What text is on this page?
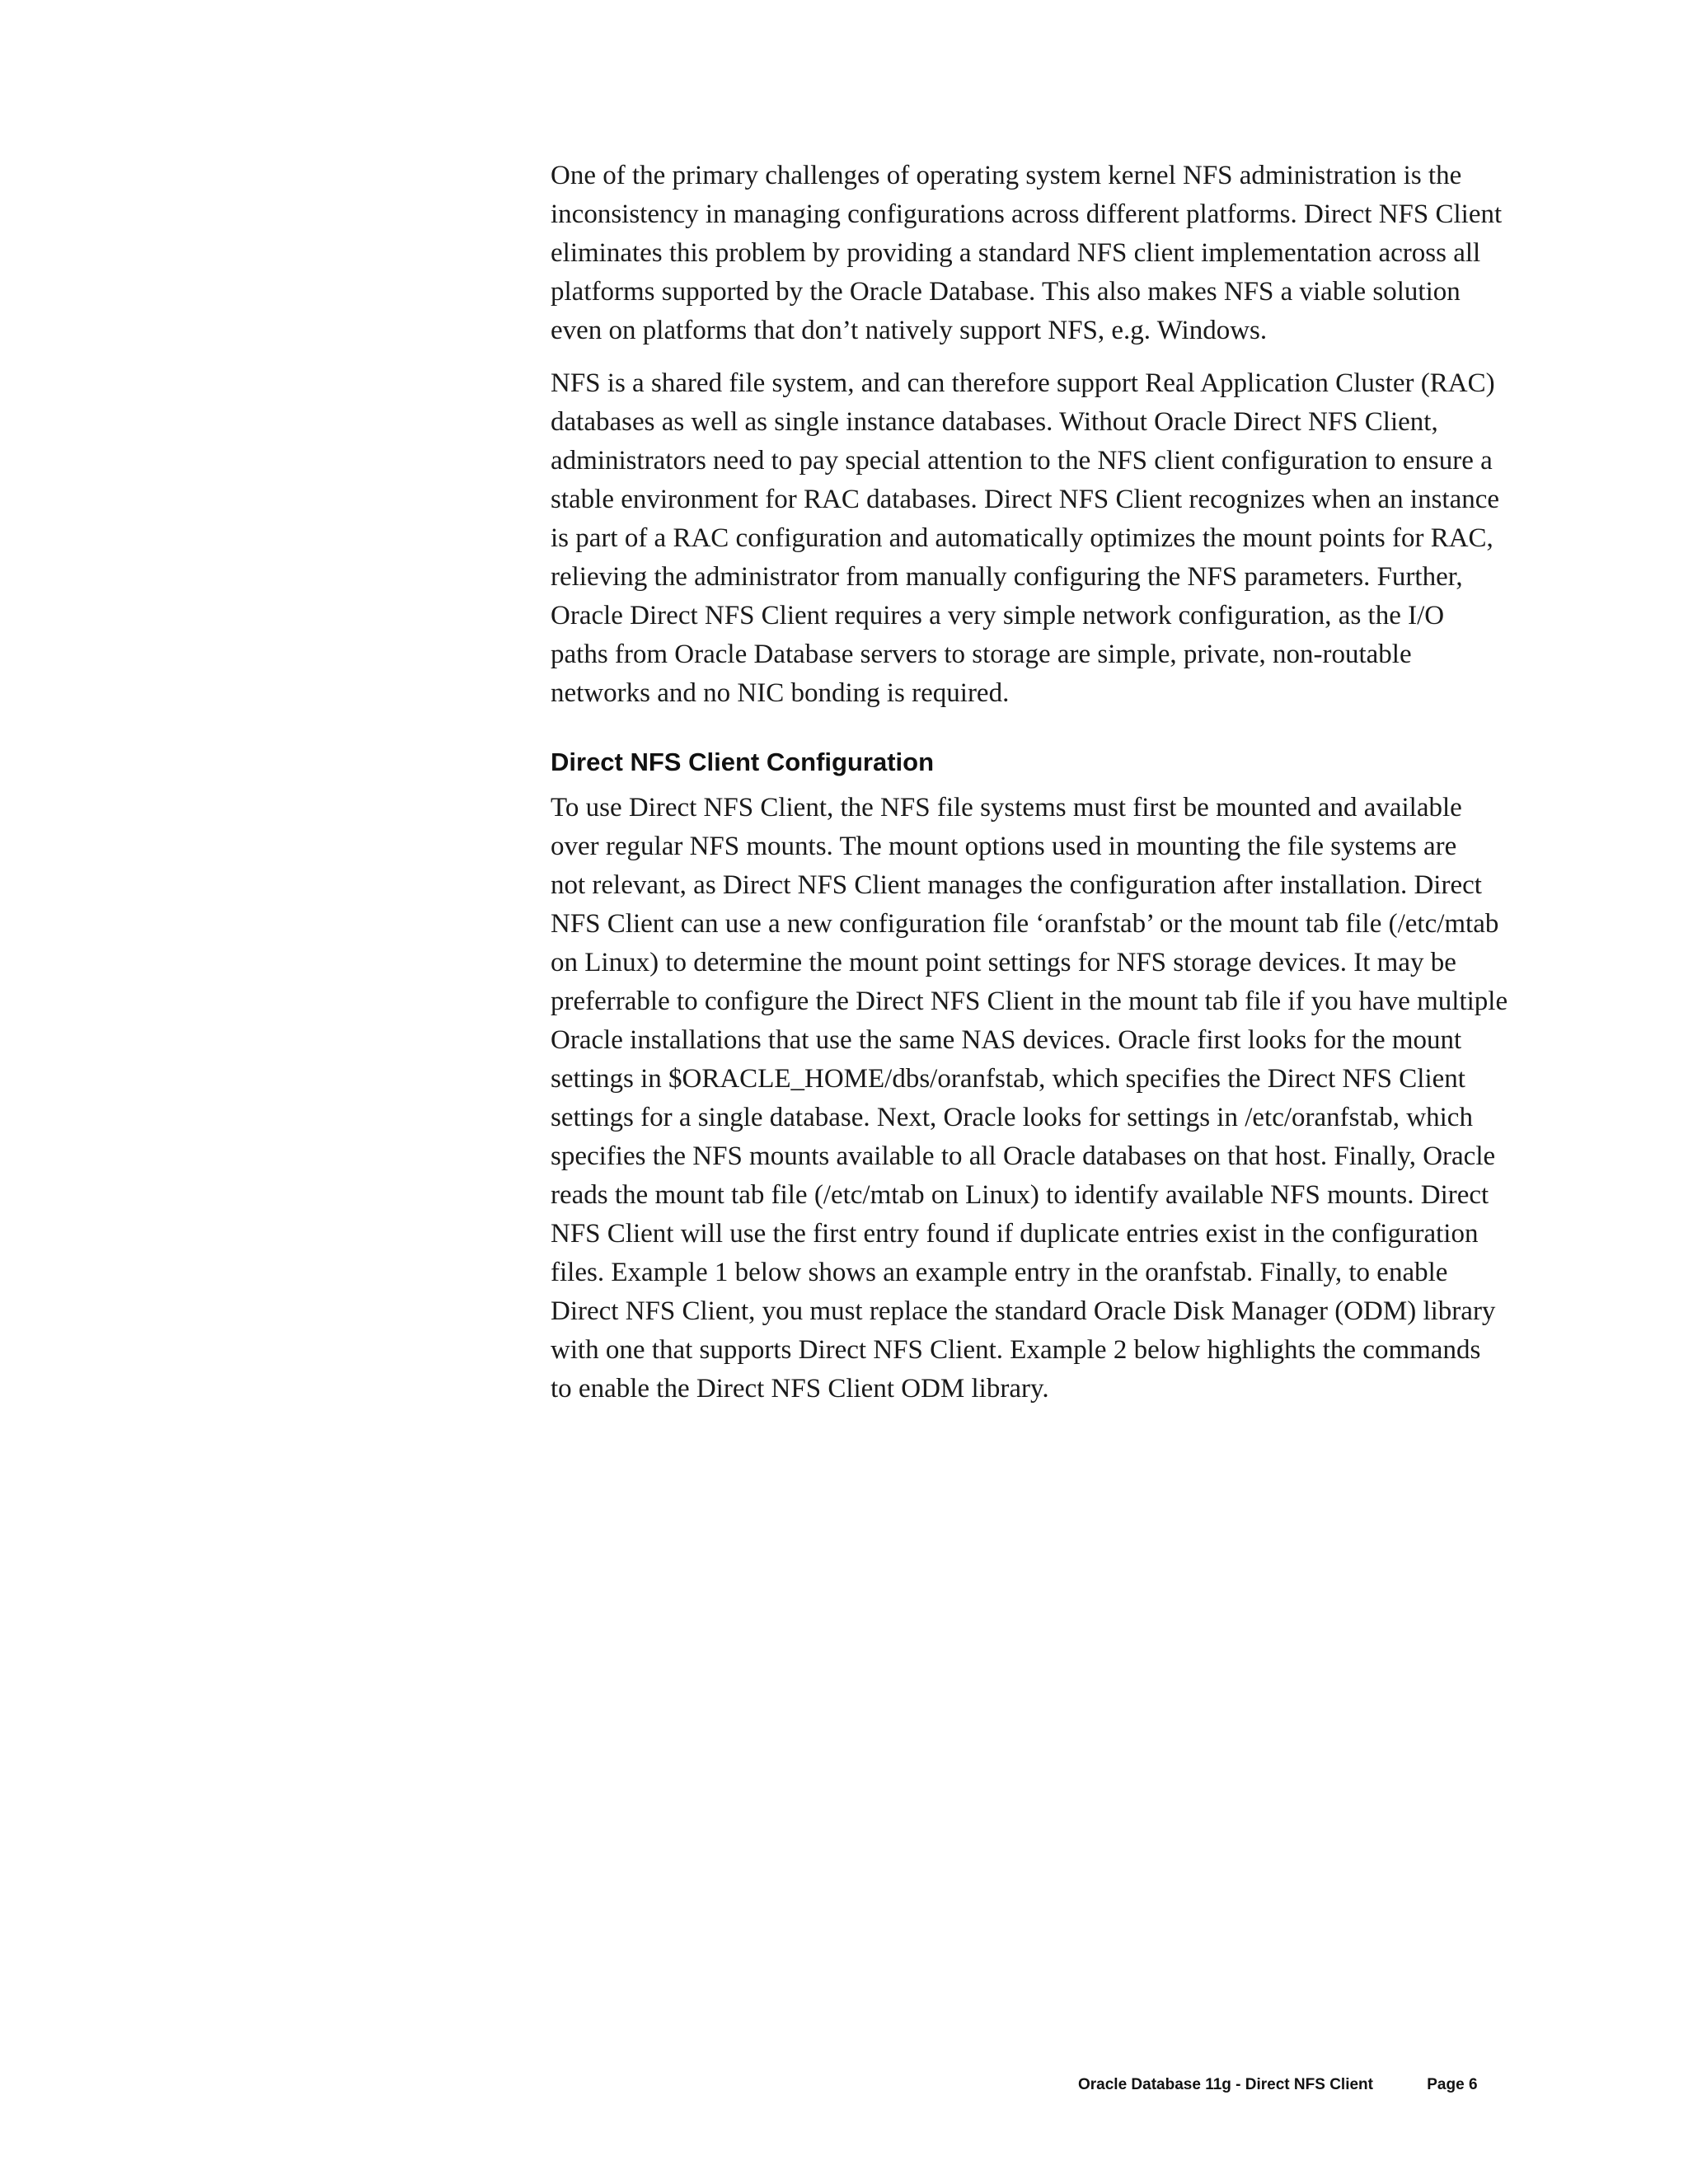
One of the primary challenges of operating system kernel NFS administration is the
inconsistency in managing configurations across different platforms. Direct NFS Client
eliminates this problem by providing a standard NFS client implementation across all
platforms supported by the Oracle Database. This also makes NFS a viable solution
even on platforms that don’t natively support NFS, e.g. Windows.

NFS is a shared file system, and can therefore support Real Application Cluster (RAC)
databases as well as single instance databases. Without Oracle Direct NFS Client,
administrators need to pay special attention to the NFS client configuration to ensure a
stable environment for RAC databases. Direct NFS Client recognizes when an instance
is part of a RAC configuration and automatically optimizes the mount points for RAC,
relieving the administrator from manually configuring the NFS parameters. Further,
Oracle Direct NFS Client requires a very simple network configuration, as the I/O
paths from Oracle Database servers to storage are simple, private, non-routable
networks and no NIC bonding is required.

Direct NFS Client Configuration

To use Direct NFS Client, the NFS file systems must first be mounted and available
over regular NFS mounts. The mount options used in mounting the file systems are
not relevant, as Direct NFS Client manages the configuration after installation. Direct
NFS Client can use a new configuration file ‘oranfstab’ or the mount tab file (/etc/mtab
on Linux) to determine the mount point settings for NFS storage devices. It may be
preferrable to configure the Direct NFS Client in the mount tab file if you have multiple
Oracle installations that use the same NAS devices. Oracle first looks for the mount
settings in $ORACLE_HOME/dbs/oranfstab, which specifies the Direct NFS Client
settings for a single database. Next, Oracle looks for settings in /etc/oranfstab, which
specifies the NFS mounts available to all Oracle databases on that host. Finally, Oracle
reads the mount tab file (/etc/mtab on Linux) to identify available NFS mounts. Direct
NFS Client will use the first entry found if duplicate entries exist in the configuration
files. Example 1 below shows an example entry in the oranfstab. Finally, to enable
Direct NFS Client, you must replace the standard Oracle Disk Manager (ODM) library
with one that supports Direct NFS Client. Example 2 below highlights the commands
to enable the Direct NFS Client ODM library.

Oracle Database 11g - Direct NFS Client	Page 6
